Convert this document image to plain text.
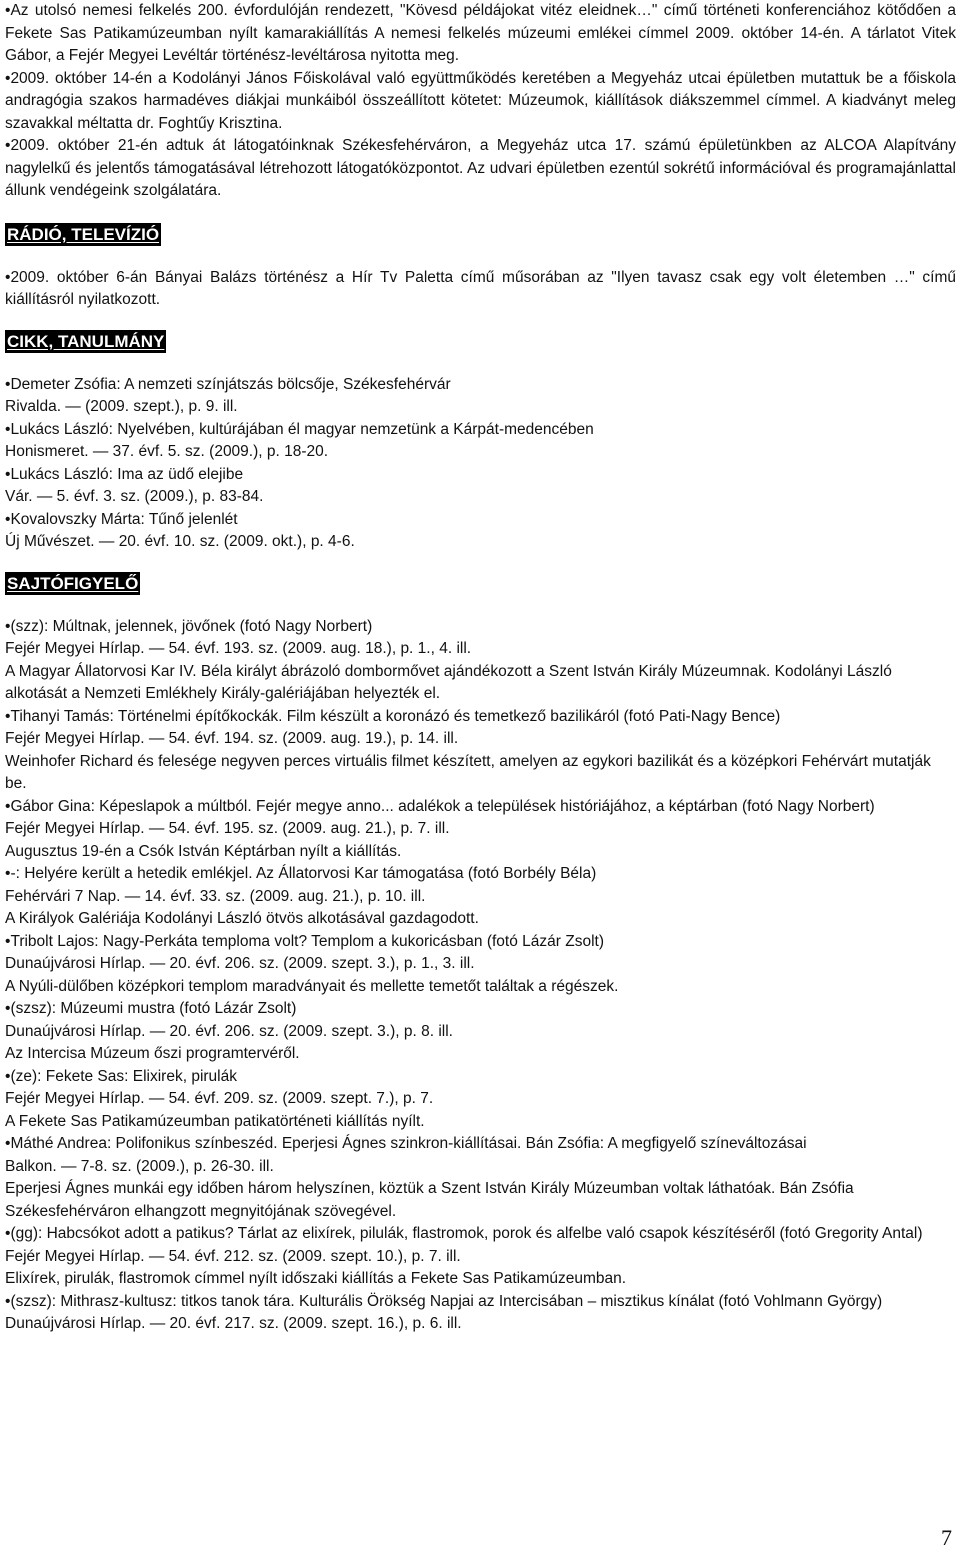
• Az utolsó nemesi felkelés 200. évfordulóján rendezett, "Kövesd példájokat vitéz eleidnek…" című történeti konferenciához kötődően a Fekete Sas Patikamúzeumban nyílt kamarakiállítás A nemesi felkelés múzeumi emlékei címmel 2009. október 14-én. A tárlatot Vitek Gábor, a Fejér Megyei Levéltár történész-levéltárosa nyitotta meg.

• 2009. október 14-én a Kodolányi János Főiskolával való együttműködés keretében a Megyeház utcai épületben mutattuk be a főiskola andragógia szakos harmadéves diákjai munkáiból összeállított kötetet: Múzeumok, kiállítások diákszemmel címmel. A kiadványt meleg szavakkal méltatta dr. Foghtűy Krisztina.

• 2009. október 21-én adtuk át látogatóinknak Székesfehérváron, a Megyeház utca 17. számú épületünkben az ALCOA Alapítvány nagylelkű és jelentős támogatásával létrehozott látogatóközpontot. Az udvari épületben ezentúl sokrétű információval és programajánlattal állunk vendégeink szolgálatára.

RÁDIÓ, TELEVÍZIÓ

• 2009. október 6-án Bányai Balázs történész a Hír Tv Paletta című műsorában az "Ilyen tavasz csak egy volt életemben …" című kiállításról nyilatkozott.

CIKK, TANULMÁNY

• Demeter Zsófia: A nemzeti színjátszás bölcsője, Székesfehérvár

Rivalda. — (2009. szept.), p. 9. ill.

• Lukács László: Nyelvében, kultúrájában él magyar nemzetünk a Kárpát-medencében

Honismeret. — 37. évf. 5. sz. (2009.), p. 18-20.

• Lukács László: Ima az üdő elejibe

Vár. — 5. évf. 3. sz. (2009.), p. 83-84.

• Kovalovszky Márta: Tűnő jelenlét

Új Művészet. — 20. évf. 10. sz. (2009. okt.), p. 4-6.

SAJTÓFIGYELŐ

• (szz): Múltnak, jelennek, jövőnek (fotó Nagy Norbert)

Fejér Megyei Hírlap. — 54. évf. 193. sz. (2009. aug. 18.), p. 1., 4. ill.

A Magyar Állatorvosi Kar IV. Béla királyt ábrázoló dombormővet ajándékozott a Szent István Király Múzeumnak. Kodolányi László alkotását a Nemzeti Emlékhely Király-galériájában helyezték el.

• Tihanyi Tamás: Történelmi építőkockák. Film készült a koronázó és temetkező bazilikáról (fotó Pati-Nagy Bence)

Fejér Megyei Hírlap. — 54. évf. 194. sz. (2009. aug. 19.), p. 14. ill.

Weinhofer Richard és felesége negyven perces virtuális filmet készített, amelyen az egykori bazilikát és a középkori Fehérvárt mutatják be.

• Gábor Gina: Képeslapok a múltból. Fejér megye anno... adalékok a települések históriájához, a képtárban (fotó Nagy Norbert)

Fejér Megyei Hírlap. — 54. évf. 195. sz. (2009. aug. 21.), p. 7. ill.

Augusztus 19-én a Csók István Képtárban nyílt a kiállítás.

• -: Helyére került a hetedik emlékjel. Az Állatorvosi Kar támogatása (fotó Borbély Béla)

Fehérvári 7 Nap. — 14. évf. 33. sz. (2009. aug. 21.), p. 10. ill.

A Királyok Galériája Kodolányi László ötvös alkotásával gazdagodott.

• Tribolt Lajos: Nagy-Perkáta temploma volt? Templom a kukoricásban (fotó Lázár Zsolt)

Dunaújvárosi Hírlap. — 20. évf. 206. sz. (2009. szept. 3.), p. 1., 3. ill.

A Nyúli-dülőben középkori templom maradványait és mellette temetőt találtak a régészek.

• (szsz): Múzeumi mustra (fotó Lázár Zsolt)

Dunaújvárosi Hírlap. — 20. évf. 206. sz. (2009. szept. 3.), p. 8. ill.

Az Intercisa Múzeum őszi programtervéről.

• (ze): Fekete Sas: Elixirek, pirulák

Fejér Megyei Hírlap. — 54. évf. 209. sz. (2009. szept. 7.), p. 7.

A Fekete Sas Patikamúzeumban patikatörténeti kiállítás nyílt.

• Máthé Andrea: Polifonikus színbeszéd. Eperjesi Ágnes szinkron-kiállításai. Bán Zsófia: A megfigyelő színeváltozásai

Balkon. — 7-8. sz. (2009.), p. 26-30. ill.

Eperjesi Ágnes munkái egy időben három helyszínen, köztük a Szent István Király Múzeumban voltak láthatóak. Bán Zsófia Székesfehérváron elhangzott megnyitójának szövegével.

• (gg): Habcsókot adott a patikus? Tárlat az elixírek, pilulák, flastromok, porok és alfelbe való csapok készítéséről (fotó Gregority Antal)

Fejér Megyei Hírlap. — 54. évf. 212. sz. (2009. szept. 10.), p. 7. ill.

Elixírek, pirulák, flastromok címmel nyílt időszaki kiállítás a Fekete Sas Patikamúzeumban.

• (szsz): Mithrasz-kultusz: titkos tanok tára. Kulturális Örökség Napjai az Intercisában – misztikus kínálat (fotó Vohlmann György)

Dunaújvárosi Hírlap. — 20. évf. 217. sz. (2009. szept. 16.), p. 6. ill.

7
